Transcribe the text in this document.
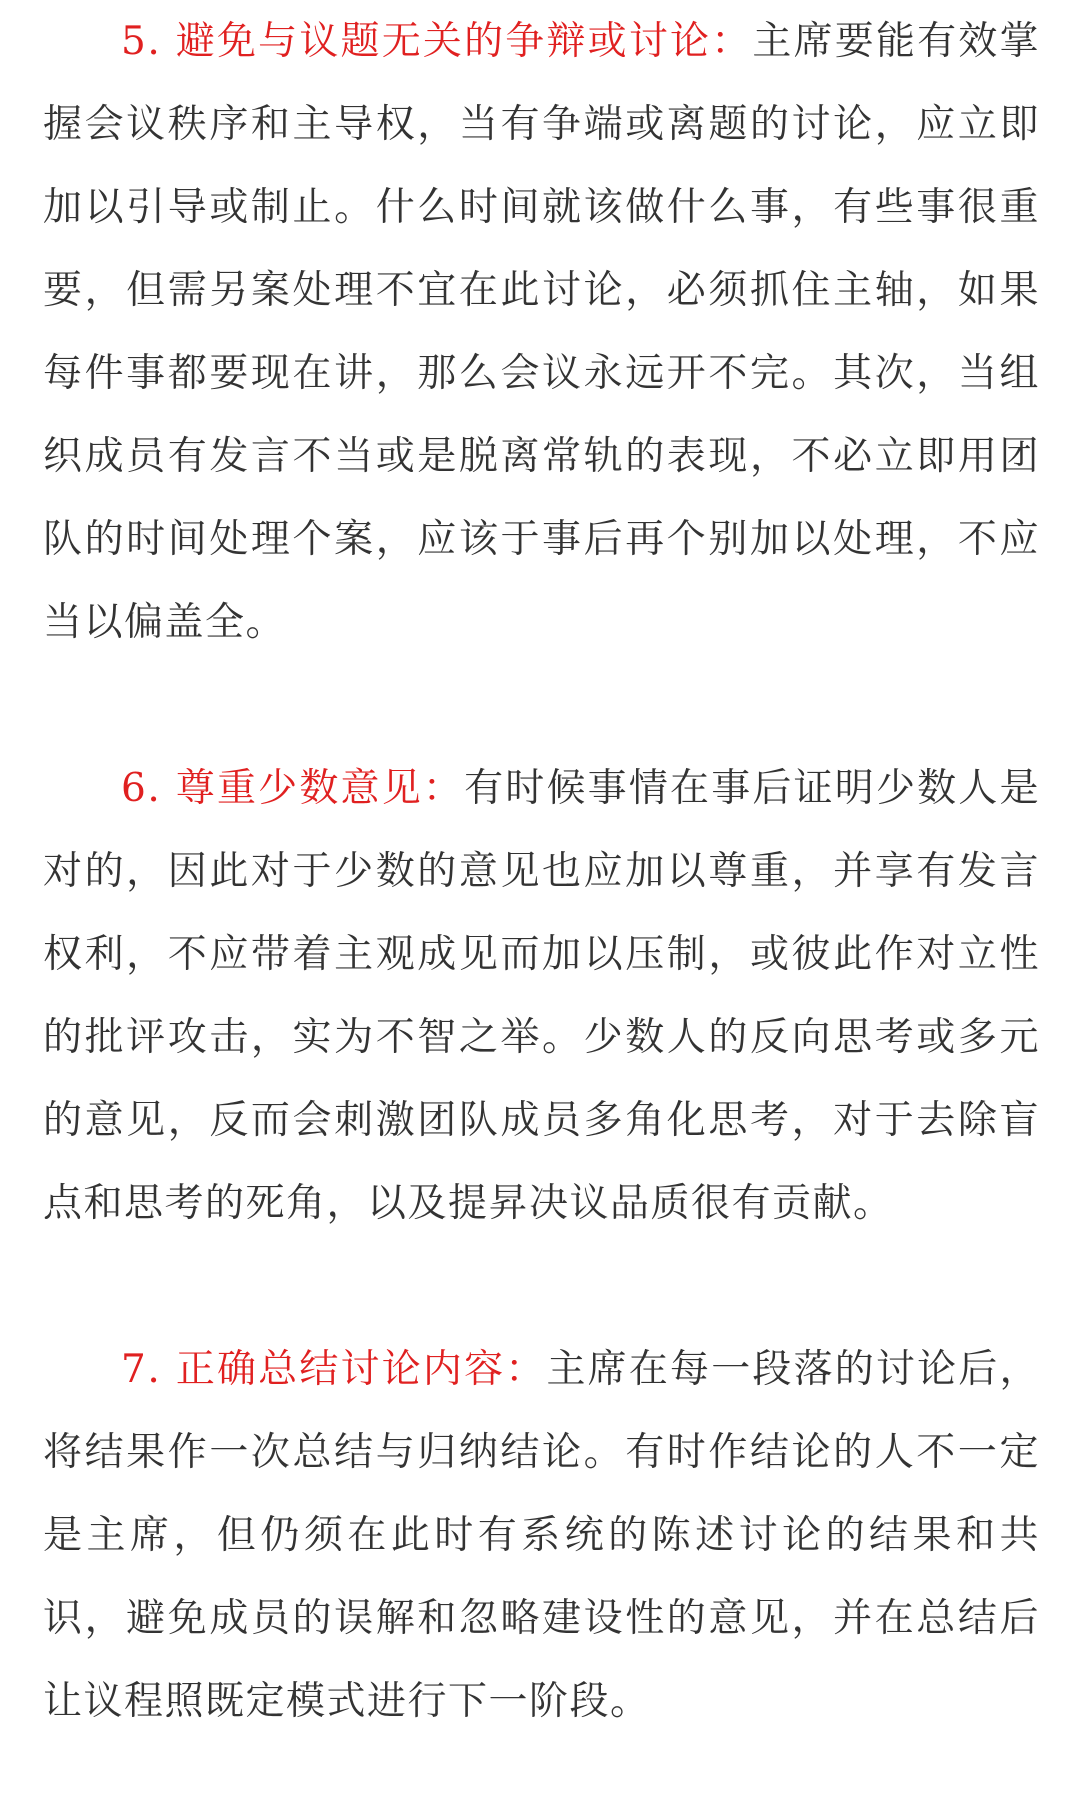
5. 避免与议题无关的争辩或讨论：主席要能有效掌握会议秩序和主导权，当有争端或离题的讨论，应立即加以引导或制止。什么时间就该做什么事，有些事很重要，但需另案处理不宜在此讨论，必须抓住主轴，如果每件事都要现在讲，那么会议永远开不完。其次，当组织成员有发言不当或是脱离常轨的表现，不必立即用团队的时间处理个案，应该于事后再个别加以处理，不应当以偏盖全。

6. 尊重少数意见：有时候事情在事后证明少数人是对的，因此对于少数的意见也应加以尊重，并享有发言权利，不应带着主观成见而加以压制，或彼此作对立性的批评攻击，实为不智之举。少数人的反向思考或多元的意见，反而会刺激团队成员多角化思考，对于去除盲点和思考的死角，以及提昇决议品质很有贡献。

7. 正确总结讨论内容：主席在每一段落的讨论后，将结果作一次总结与归纳结论。有时作结论的人不一定是主席，但仍须在此时有系统的陈述讨论的结果和共识，避免成员的误解和忽略建设性的意见，并在总结后让议程照既定模式进行下一阶段。
